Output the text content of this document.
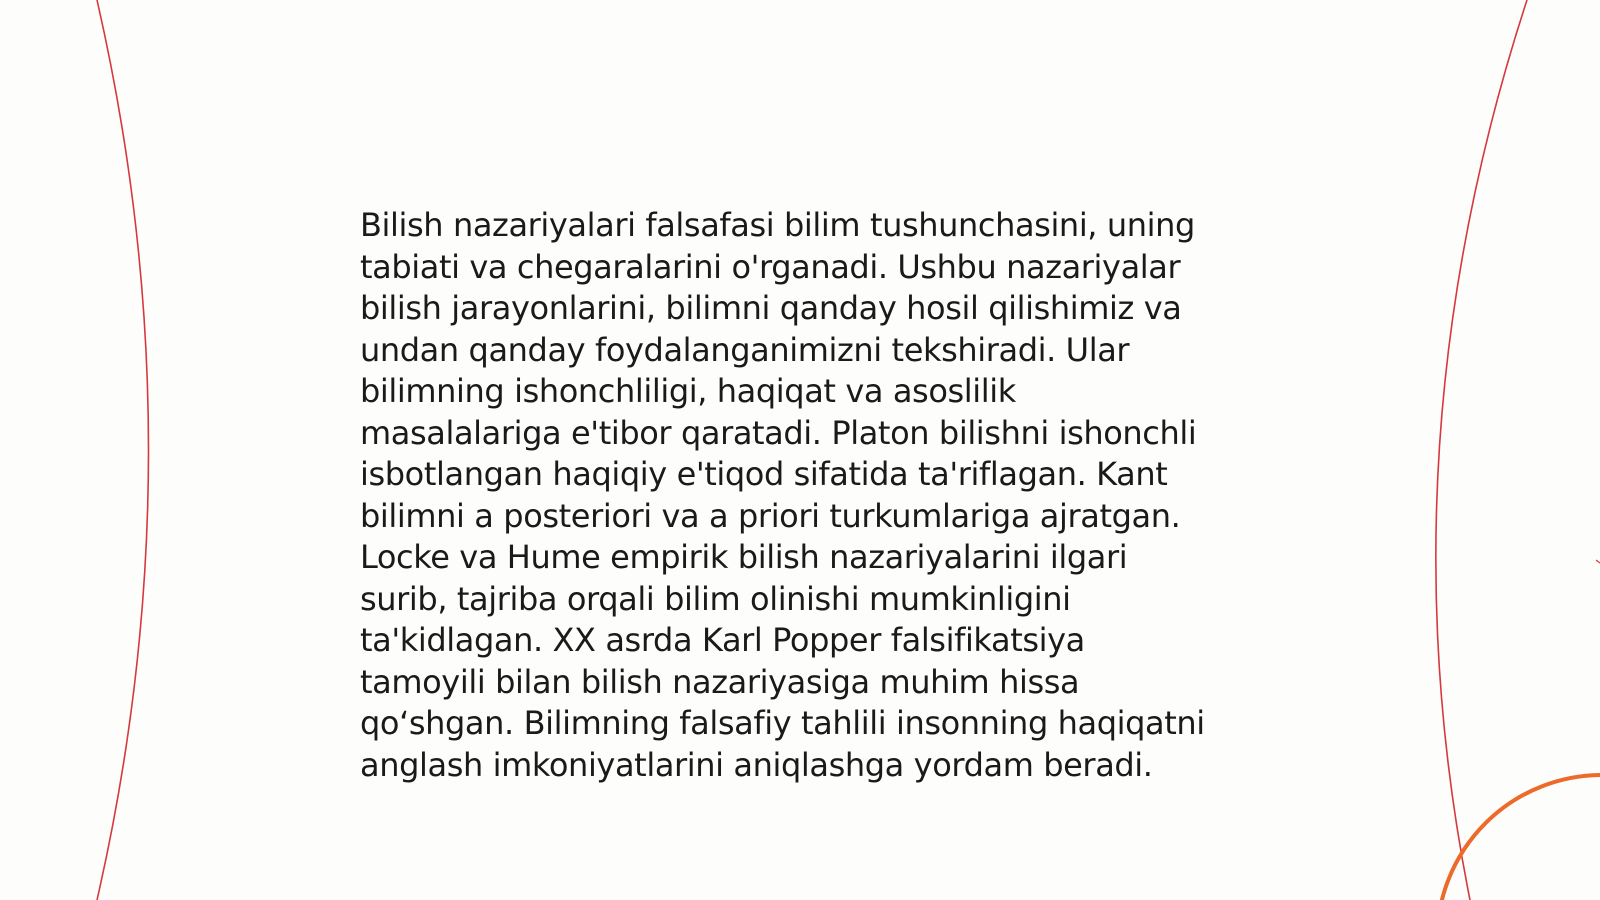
Bilish nazariyalari falsafasi bilim tushunchasini, uning
tabiati va chegaralarini o'rganadi. Ushbu nazariyalar
bilish jarayonlarini, bilimni qanday hosil qilishimiz va
undan qanday foydalanganimizni tekshiradi. Ular
bilimning ishonchliligi, haqiqat va asoslilik
masalalariga e'tibor qaratadi. Platon bilishni ishonchli
isbotlangan haqiqiy e'tiqod sifatida ta'riflagan. Kant
bilimni a posteriori va a priori turkumlariga ajratgan.
Locke va Hume empirik bilish nazariyalarini ilgari
surib, tajriba orqali bilim olinishi mumkinligini
ta'kidlagan. XX asrda Karl Popper falsifikatsiya
tamoyili bilan bilish nazariyasiga muhim hissa
qo‘shgan. Bilimning falsafiy tahlili insonning haqiqatni
anglash imkoniyatlarini aniqlashga yordam beradi.
